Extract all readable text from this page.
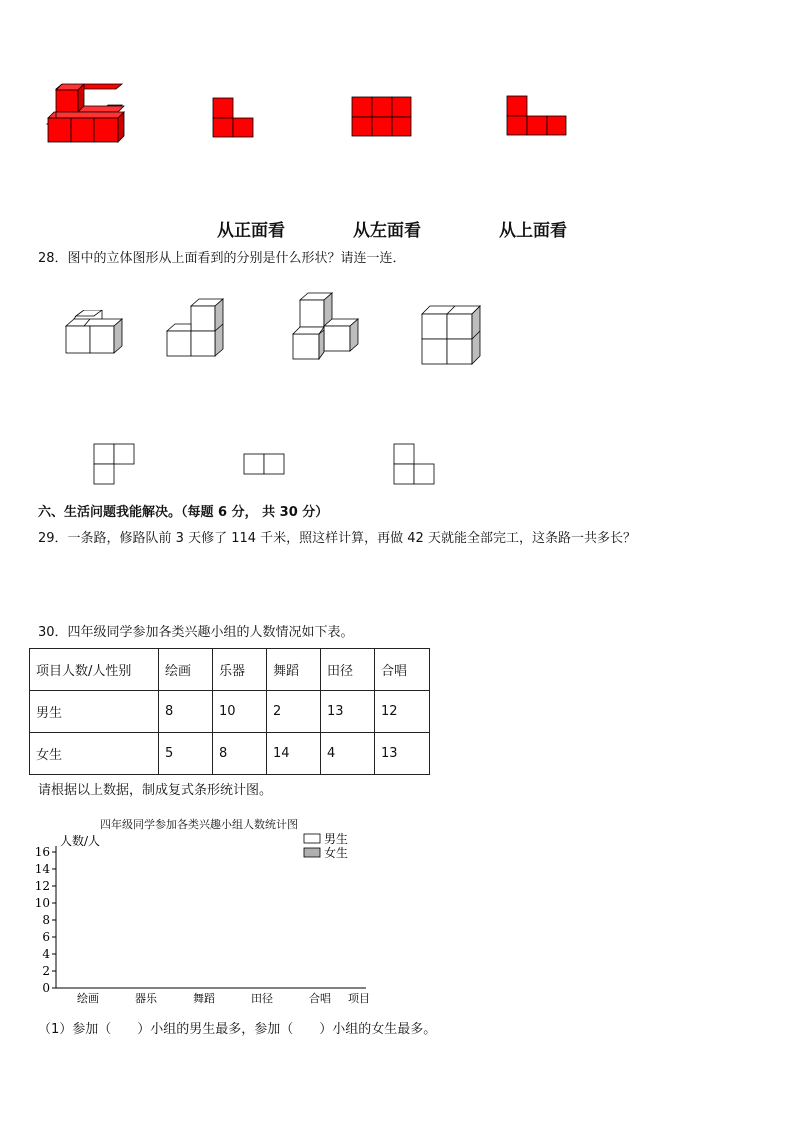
从正面看	从左面看	从上面看
28．图中的立体图形从上面看到的分别是什么形状？请连一连．
六、生活问题我能解决。（每题 6 分， 共 30 分）
29．一条路，修路队前 3 天修了 114 千米，照这样计算，再做 42 天就能全部完工，这条路一共多长？
30．四年级同学参加各类兴趣小组的人数情况如下表。
项目人数/人性别	绘画	乐器	舞蹈	田径	合唱
男生	8	10	2	13	12
女生	5	8	14	4	13
请根据以上数据，制成复式条形统计图。
四年级同学参加各类兴趣小组人数统计图
人数/人
项目
男生
女生
0
2
4
6
8
10
12
14
16
绘画	器乐	舞蹈	田径	合唱
（1）参加（　　）小组的男生最多，参加（　　）小组的女生最多。
